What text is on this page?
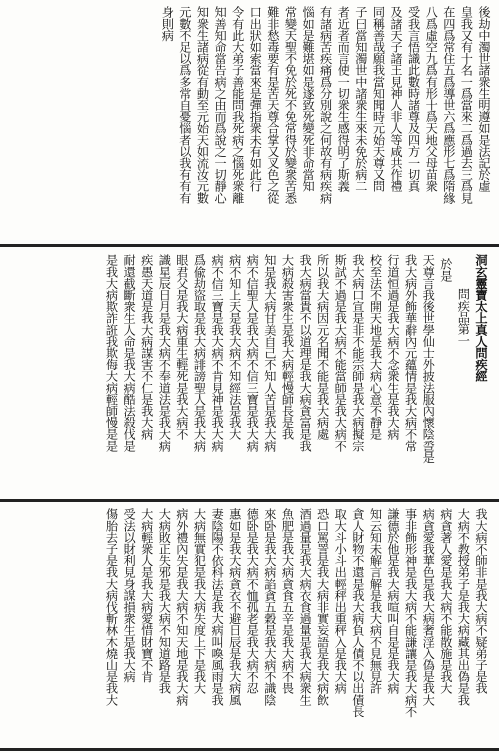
後劫中濁世諸衆生明遵如是法記於虛
皇我又有十名一爲當來二爲過去三爲見
在四爲常住五爲導世六爲應形七爲隋緣
八爲虛空九爲有形十爲天地父母苗衆
受我言悟識此數時諸尊及四方一切真
及諸天子諸王見神人非人等咸共作禮
同稱善哉願我當知聞時元始天尊又問
子曰當知濁世中諸衆生來未免於病二
者近者而言使一切衆生感得明了斯義
有諸病苦疾痛爲分別說之何故有病疾病
惱如是難堪如是遂致死變死非命當知
常變天聖不免於死不免常得於變衆苦悉
難非愁毒要有是苦天尊合掌又叉色之從
口出狀如索當來是彈指衆未有如此行
令有此大弟子善能問我死病之惱死衆離
知善知命當告病之由而爲說之一切靜心
知衆生諸病從有動至元始天如流汝元數
元數不足以爲多常自憂惱者以我有有有
身則病
洞玄靈寶太上真人問疾經
問疾品第一
於是
天尊言我後世學仙士外披法服內懷陰巹是
我大病外飾華辭內元蘊情是我大病不常
行道恒過是我大病不念衆生是我大病
校至法不開天地是我大病心意不靜是
我大病口宣是非不能宗師是我大病擬宗
斯試不過是我大病不能當師是我大病不
所以我大病因元名聞不能是我大病處
我大病當貴不以道理是我大病貪富是我
大病殺害衆生是我大病輕慢師長是我
知是我大病甘美自己不知人苦是我大病
病不信聖人是我大病不信三寶是我大病
病不知上天是我大病不知經法是我大
病不信三寶是我大病不肯見神是我大病
爲偸劫盜取是我大病誹謗聖人是我大病
眼君父是我大病重生輕死是我大病不
識星辰日月是我大病不奉道法是我大病
疾愚天道是我大病謀害不仁是我大病
耐還截斷衆生人命是我大病酷法殺伐是
是我大病欺詐誑我欺侮大病輕師慢是是
我大病不師非是我大病不疑弟子是我
大病不教授弟子是我大病藏其出偽是我
病貪著人愛是我大病不能散施是我大
病貪愛我華色是我大病奢淫入偽是我大
事非飾形神是我大病不能謙讓是我大病不
謙德於他是我大病喧叫自是是我大病
知云知未解言解是我大病不見無見許
貪人財物不還是我大病負人債不以出債長
取大斗小斗出輕秤出重秤入是我大病
恐口罵詈是我大病非實妄語是我大病飲
酒過量是我大病衣食過量是我大病衆生
魚肥是我大病貪食五辛是我大病不畏
來卧是我大病諂貪五穀是我大病不識陰
德卧是我大病不恤孤老是我大病不忍
惠如是我大病貪衣不避日辰是我大病風
妻陰陽不依科法是我大病叫喚風雨是我
大病無實犯是我大病失度上下是我大
病外禮內失是我大病不知天地是我大病
大病敗正失邪是我大病不知道路是我
大病輕衆人是我大病愛惜財寶不肯
受法以財利見身謀損衆生是我大病
傷胎去子是我大病伐斬林木燒山是我大
